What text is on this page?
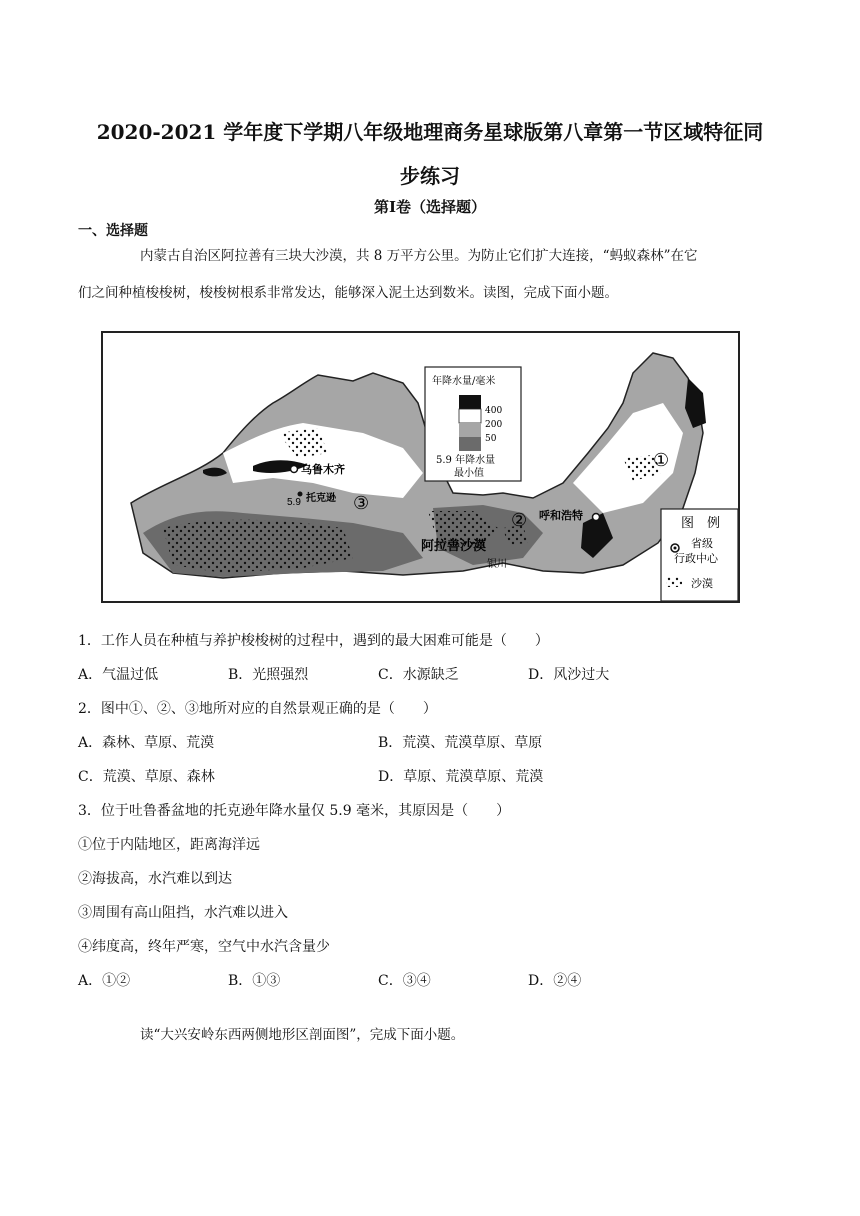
2020-2021 学年度下学期八年级地理商务星球版第八章第一节区域特征同
步练习
第Ⅰ卷（选择题）
一、选择题
内蒙古自治区阿拉善有三块大沙漠，共 8 万平方公里。为防止它们扩大连接，“蚂蚁森林”在它
们之间种植梭梭树，梭梭树根系非常发达，能够深入泥土达到数米。读图，完成下面小题。
乌鲁木齐
5.9 托克逊
呼和浩特
银川
阿拉善沙漠
①
②
③
年降水量/毫米
400
200
50
5.9 年降水量
最小值
图　例
省级
行政中心
沙漠
1．工作人员在种植与养护梭梭树的过程中，遇到的最大困难可能是（　　）
A．气温过低	B．光照强烈	C．水源缺乏	D．风沙过大
2．图中①、②、③地所对应的自然景观正确的是（　　）
A．森林、草原、荒漠	B．荒漠、荒漠草原、草原
C．荒漠、草原、森林	D．草原、荒漠草原、荒漠
3．位于吐鲁番盆地的托克逊年降水量仅 5.9 毫米，其原因是（　　）
①位于内陆地区，距离海洋远
②海拔高，水汽难以到达
③周围有高山阻挡，水汽难以进入
④纬度高，终年严寒，空气中水汽含量少
A．①②	B．①③	C．③④	D．②④
读“大兴安岭东西两侧地形区剖面图”，完成下面小题。
